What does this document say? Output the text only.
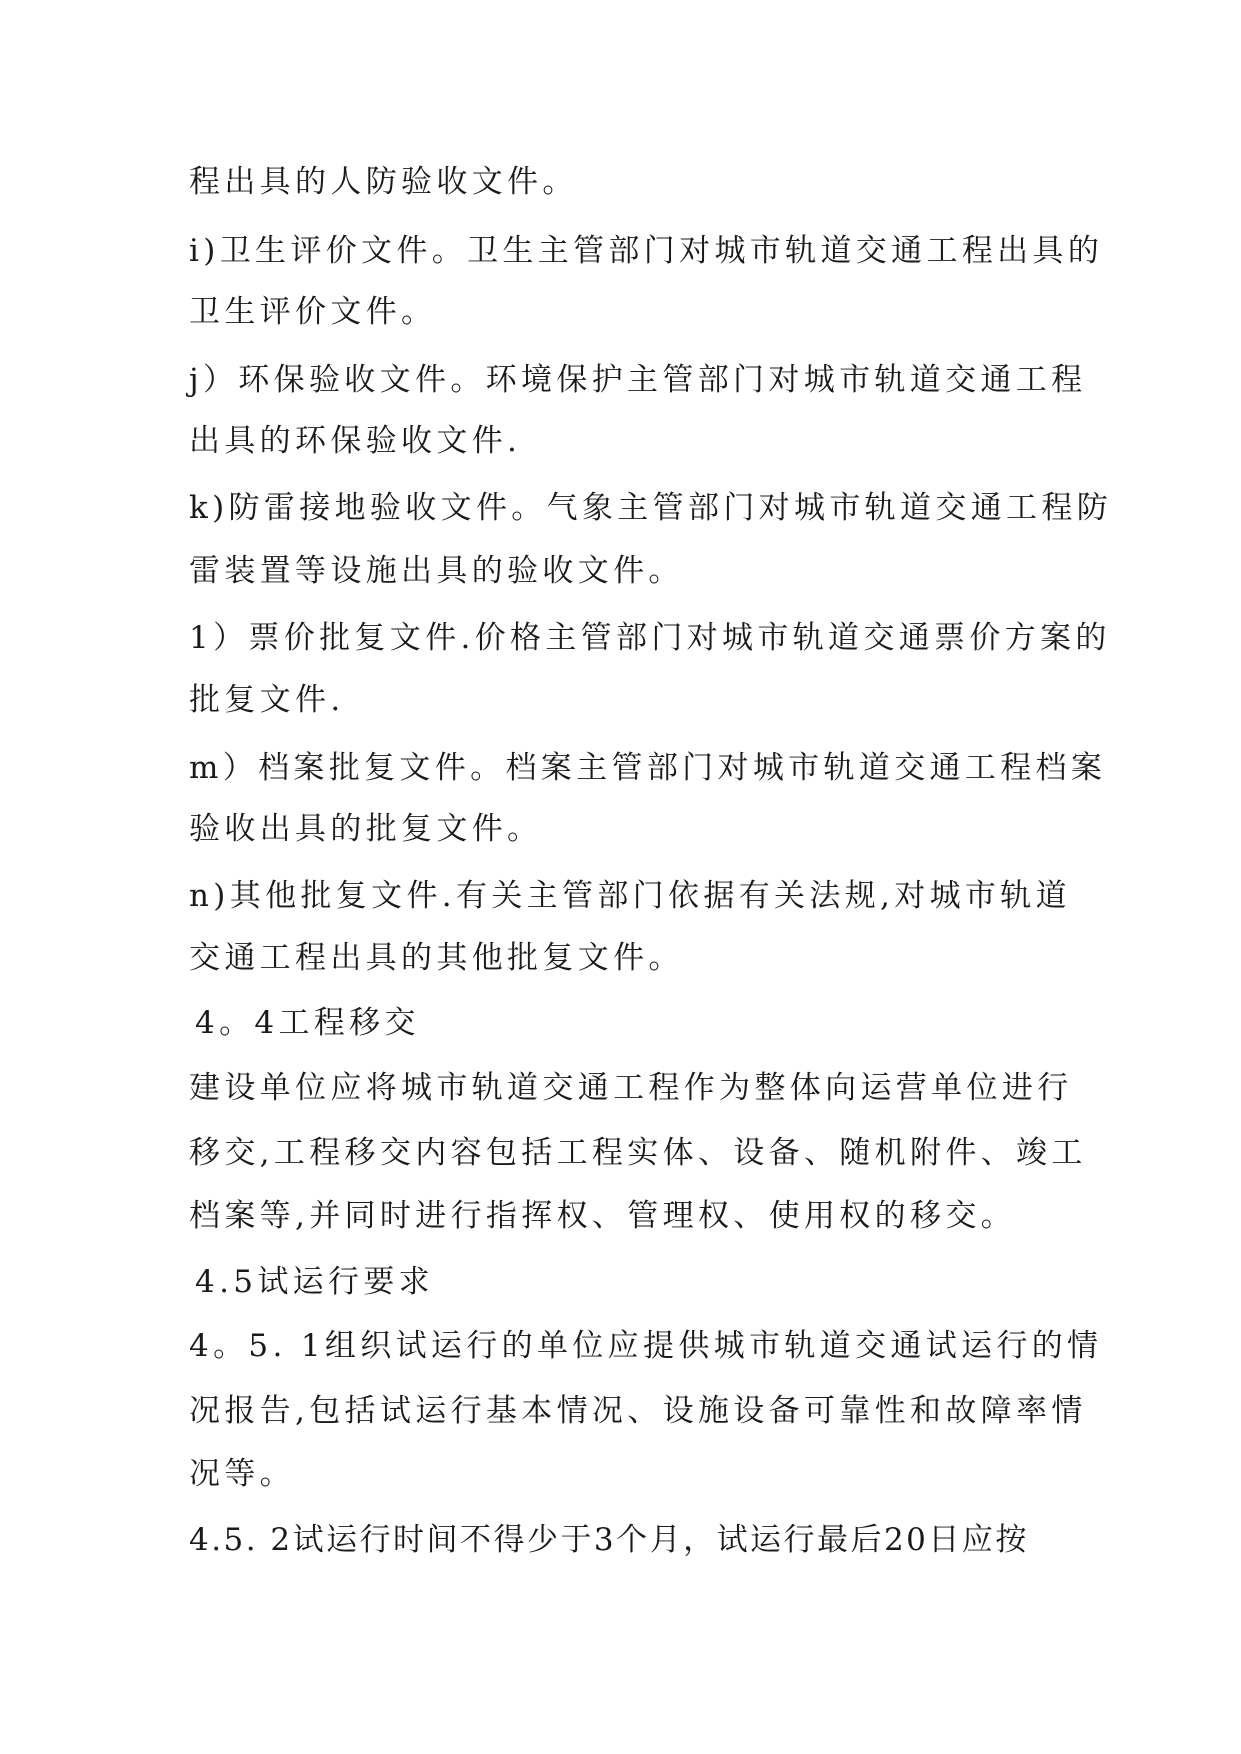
程出具的人防验收文件。
i)卫生评价文件。卫生主管部门对城市轨道交通工程出具的
卫生评价文件。
j）环保验收文件。环境保护主管部门对城市轨道交通工程
出具的环保验收文件.
k)防雷接地验收文件。气象主管部门对城市轨道交通工程防
雷装置等设施出具的验收文件。
1）票价批复文件.价格主管部门对城市轨道交通票价方案的
批复文件.
m）档案批复文件。档案主管部门对城市轨道交通工程档案
验收出具的批复文件。
n)其他批复文件.有关主管部门依据有关法规,对城市轨道
交通工程出具的其他批复文件。
4。4工程移交
建设单位应将城市轨道交通工程作为整体向运营单位进行
移交,工程移交内容包括工程实体、设备、随机附件、竣工
档案等,并同时进行指挥权、管理权、使用权的移交。
4.5试运行要求
4。5. 1组织试运行的单位应提供城市轨道交通试运行的情
况报告,包括试运行基本情况、设施设备可靠性和故障率情
况等。
4.5. 2试运行时间不得少于3个月，试运行最后20日应按
